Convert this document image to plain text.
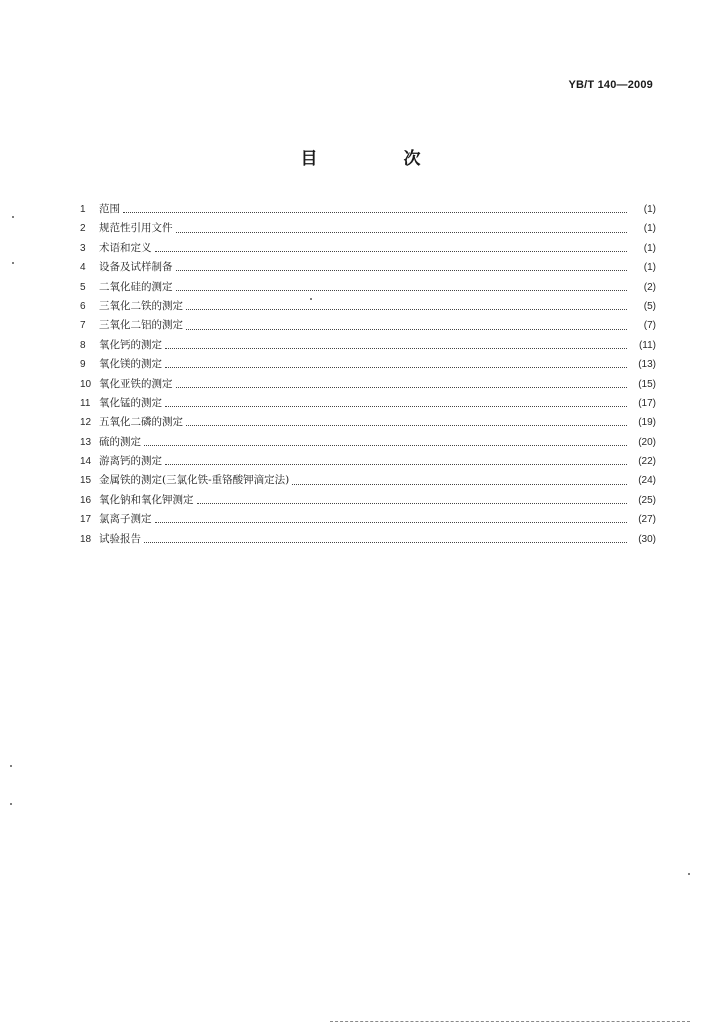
YB/T 140—2009
目 次
1	范围	(1)
2	规范性引用文件	(1)
3	术语和定义	(1)
4	设备及试样制备	(1)
5	二氧化硅的测定	(2)
6	三氧化二铁的测定	(5)
7	三氧化二铝的测定	(7)
8	氧化钙的测定	(11)
9	氧化镁的测定	(13)
10 氧化亚铁的测定	(15)
11 氧化锰的测定	(17)
12 五氧化二磷的测定	(19)
13 硫的测定	(20)
14 游离钙的测定	(22)
15 金属铁的测定(三氯化铁-重铬酸钾滴定法)	(24)
16 氧化钠和氧化钾测定	(25)
17 氯离子测定	(27)
18 试验报告	(30)
